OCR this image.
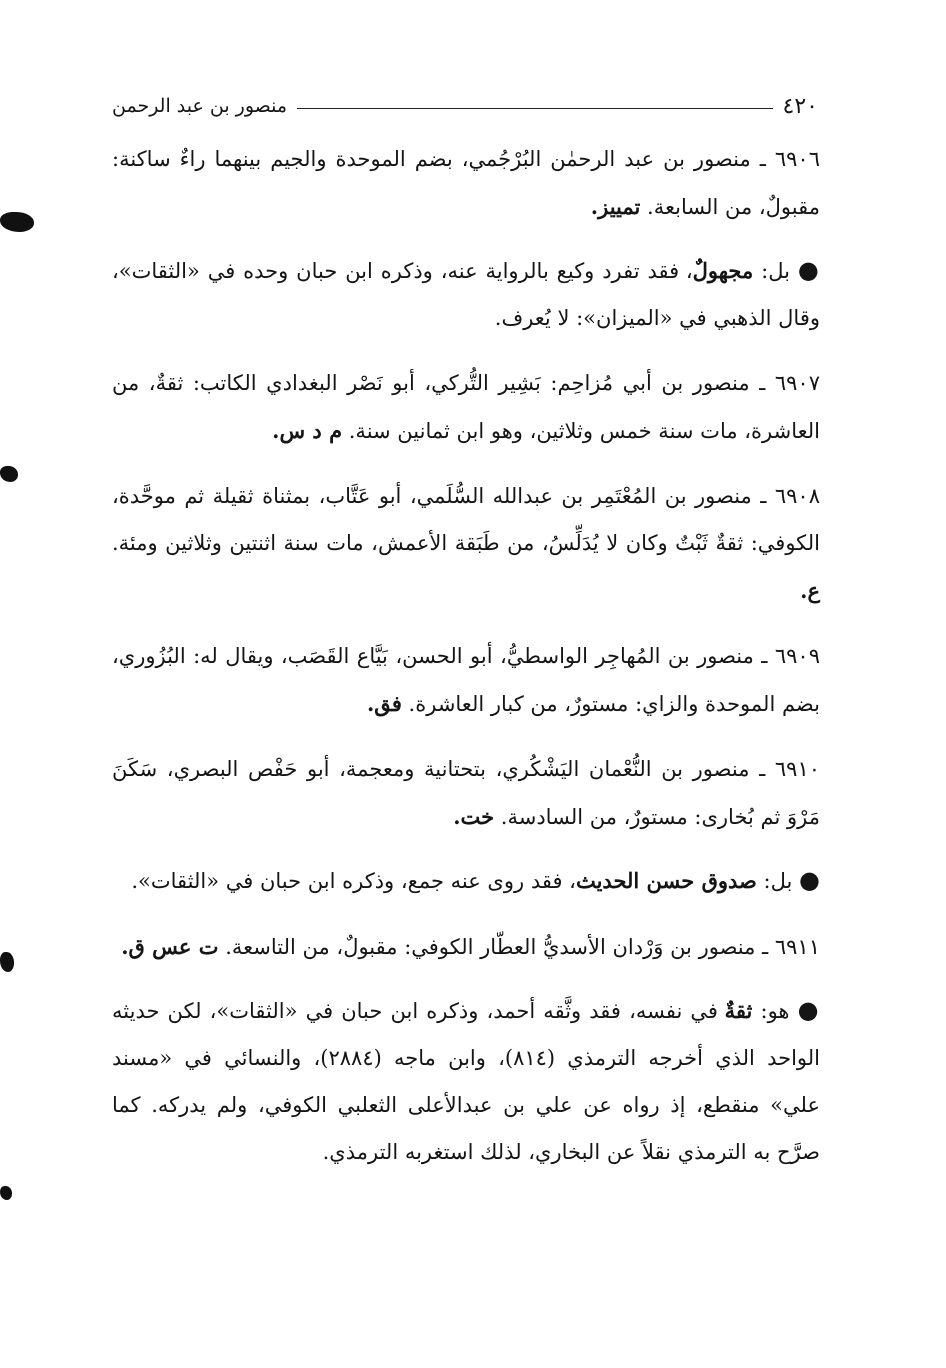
٤٢٠
منصور بن عبد الرحمن

٦٩٠٦ ـ منصور بن عبد الرحمٰن البُرْجُمي، بضم الموحدة والجيم بينهما راءٌ ساكنة: مقبولٌ، من السابعة. تمييز.

● بل: مجهولٌ، فقد تفرد وكيع بالرواية عنه، وذكره ابن حبان وحده في «الثقات»، وقال الذهبي في «الميزان»: لا يُعرف.

٦٩٠٧ ـ منصور بن أبي مُزاحِم: بَشِير التُّركي، أبو نَصْر البغدادي الكاتب: ثقةٌ، من العاشرة، مات سنة خمس وثلاثين، وهو ابن ثمانين سنة. م د س.

٦٩٠٨ ـ منصور بن المُعْتَمِر بن عبدالله السُّلَمي، أبو عَتَّاب، بمثناة ثقيلة ثم موحَّدة، الكوفي: ثقةٌ ثَبْتٌ وكان لا يُدَلِّسُ، من طَبَقة الأعمش، مات سنة اثنتين وثلاثين ومئة. ع.

٦٩٠٩ ـ منصور بن المُهاجِر الواسطيُّ، أبو الحسن، بَيَّاع القَصَب، ويقال له: البُزُوري، بضم الموحدة والزاي: مستورٌ، من كبار العاشرة. فق.

٦٩١٠ ـ منصور بن النُّعْمان اليَشْكُري، بتحتانية ومعجمة، أبو حَفْص البصري، سَكَنَ مَرْوَ ثم بُخارى: مستورٌ، من السادسة. خت.

● بل: صدوق حسن الحديث، فقد روى عنه جمع، وذكره ابن حبان في «الثقات».

٦٩١١ ـ منصور بن وَرْدان الأسديُّ العطّار الكوفي: مقبولٌ، من التاسعة. ت عس ق.

● هو: ثقةٌ في نفسه، فقد وثَّقه أحمد، وذكره ابن حبان في «الثقات»، لكن حديثه الواحد الذي أخرجه الترمذي (٨١٤)، وابن ماجه (٢٨٨٤)، والنسائي في «مسند علي» منقطع، إذ رواه عن علي بن عبدالأعلى الثعلبي الكوفي، ولم يدركه. كما صرَّح به الترمذي نقلاً عن البخاري، لذلك استغربه الترمذي.
